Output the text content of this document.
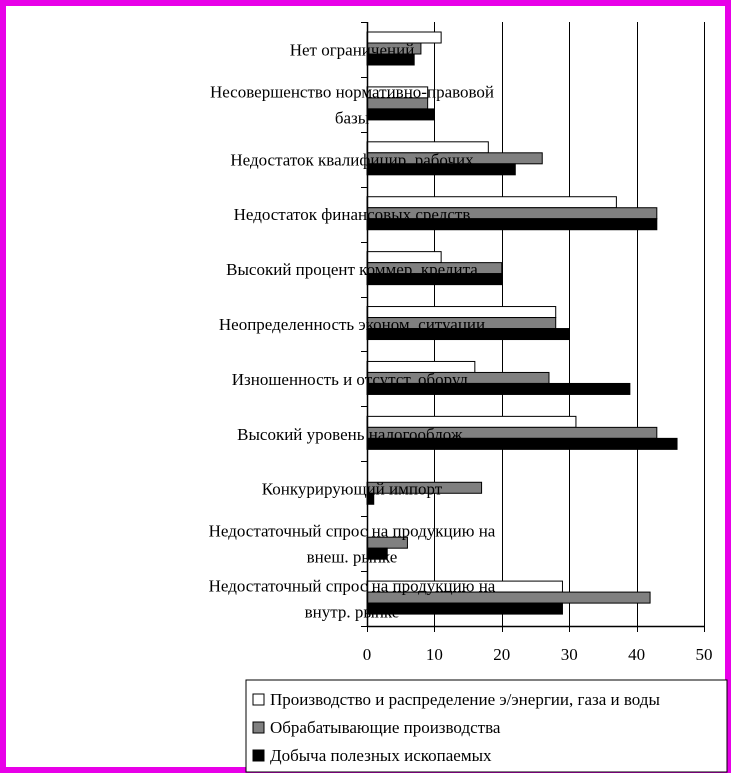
Нет ограничений
Несовершенство нормативно-правовой
базы
Недостаток квалифицир. рабочих
Недостаток финансовых средств
Высокий процент коммер. кредита
Неопределенность эконом. ситуации
Изношенность и отсутст. оборуд.
Высокий уровень налогооблож.
Конкурирующий импорт
Недостаточный спрос на продукцию на
внеш. рынке
Недостаточный спрос на продукцию на
внутр. рынке
0	10	20	30	40	50
Производство и распределение э/энергии, газа и воды
Обрабатывающие производства
Добыча полезных ископаемых
